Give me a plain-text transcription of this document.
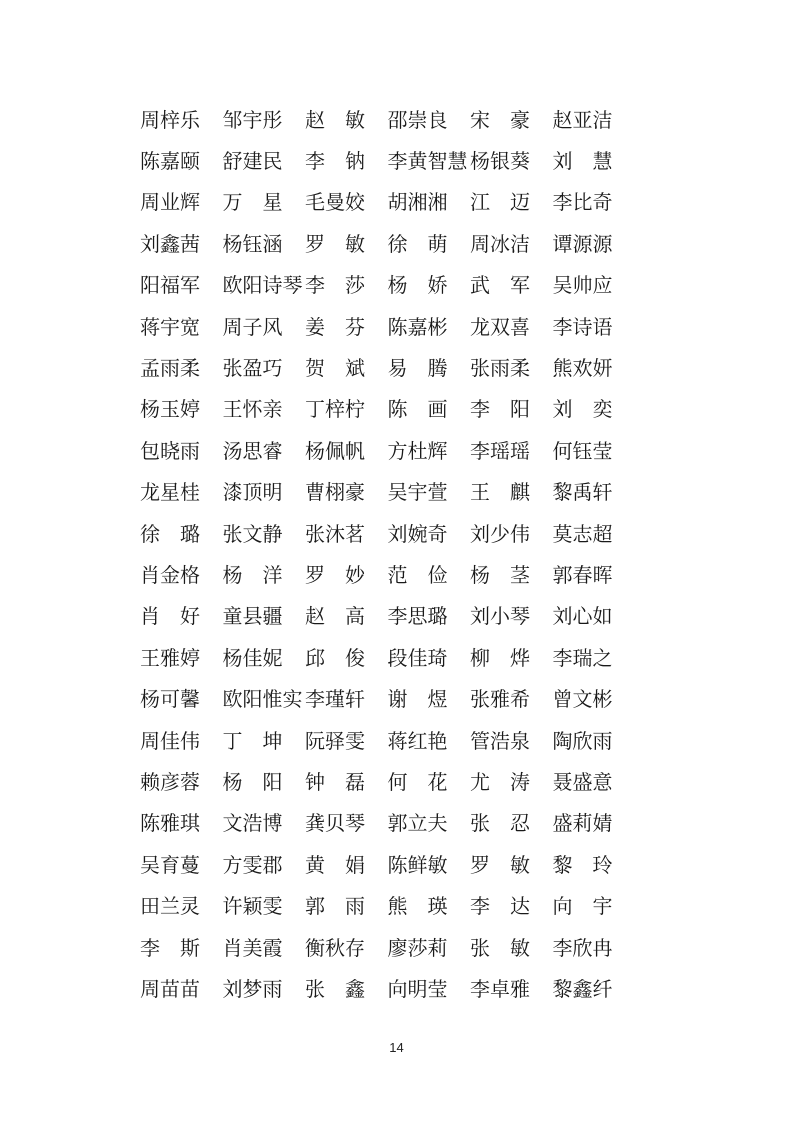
周梓乐	邹宇彤	赵　敏	邵崇良	宋　豪	赵亚洁
陈嘉颐	舒建民	李　钠	李黄智慧 杨银葵	刘　慧
周业辉	万　星	毛曼姣	胡湘湘	江　迈	李比奇
刘鑫茜	杨钰涵	罗　敏	徐　萌	周冰洁	谭源源
阳福军	欧阳诗琴 李　莎	杨　娇	武　军	吴帅应
蒋宇宽	周子风	姜　芬	陈嘉彬	龙双喜	李诗语
孟雨柔	张盈巧	贺　斌	易　腾	张雨柔	熊欢妍
杨玉婷	王怀亲	丁梓柠	陈　画	李　阳	刘　奕
包晓雨	汤思睿	杨佩帆	方杜辉	李瑶瑶	何钰莹
龙星桂	漆顶明	曹栩豪	吴宇萱	王　麒	黎禹轩
徐　璐	张文静	张沐茗	刘婉奇	刘少伟	莫志超
肖金格	杨　洋	罗　妙	范　俭	杨　茎	郭春晖
肖　好	童县疆	赵　高	李思璐	刘小琴	刘心如
王雅婷	杨佳妮	邱　俊	段佳琦	柳　烨	李瑞之
杨可馨	欧阳惟实 李瑾轩	谢　煜	张雅希	曾文彬
周佳伟	丁　坤	阮驿雯	蒋红艳	管浩泉	陶欣雨
赖彦蓉	杨　阳	钟　磊	何　花	尤　涛	聂盛意
陈雅琪	文浩博	龚贝琴	郭立夫	张　忍	盛莉婧
吴育蔓	方雯郡	黄　娟	陈鲜敏	罗　敏	黎　玲
田兰灵	许颖雯	郭　雨	熊　瑛	李　达	向　宇
李　斯	肖美霞	衡秋存	廖莎莉	张　敏	李欣冉
周苗苗	刘梦雨	张　鑫	向明莹	李卓雅	黎鑫纤
14
